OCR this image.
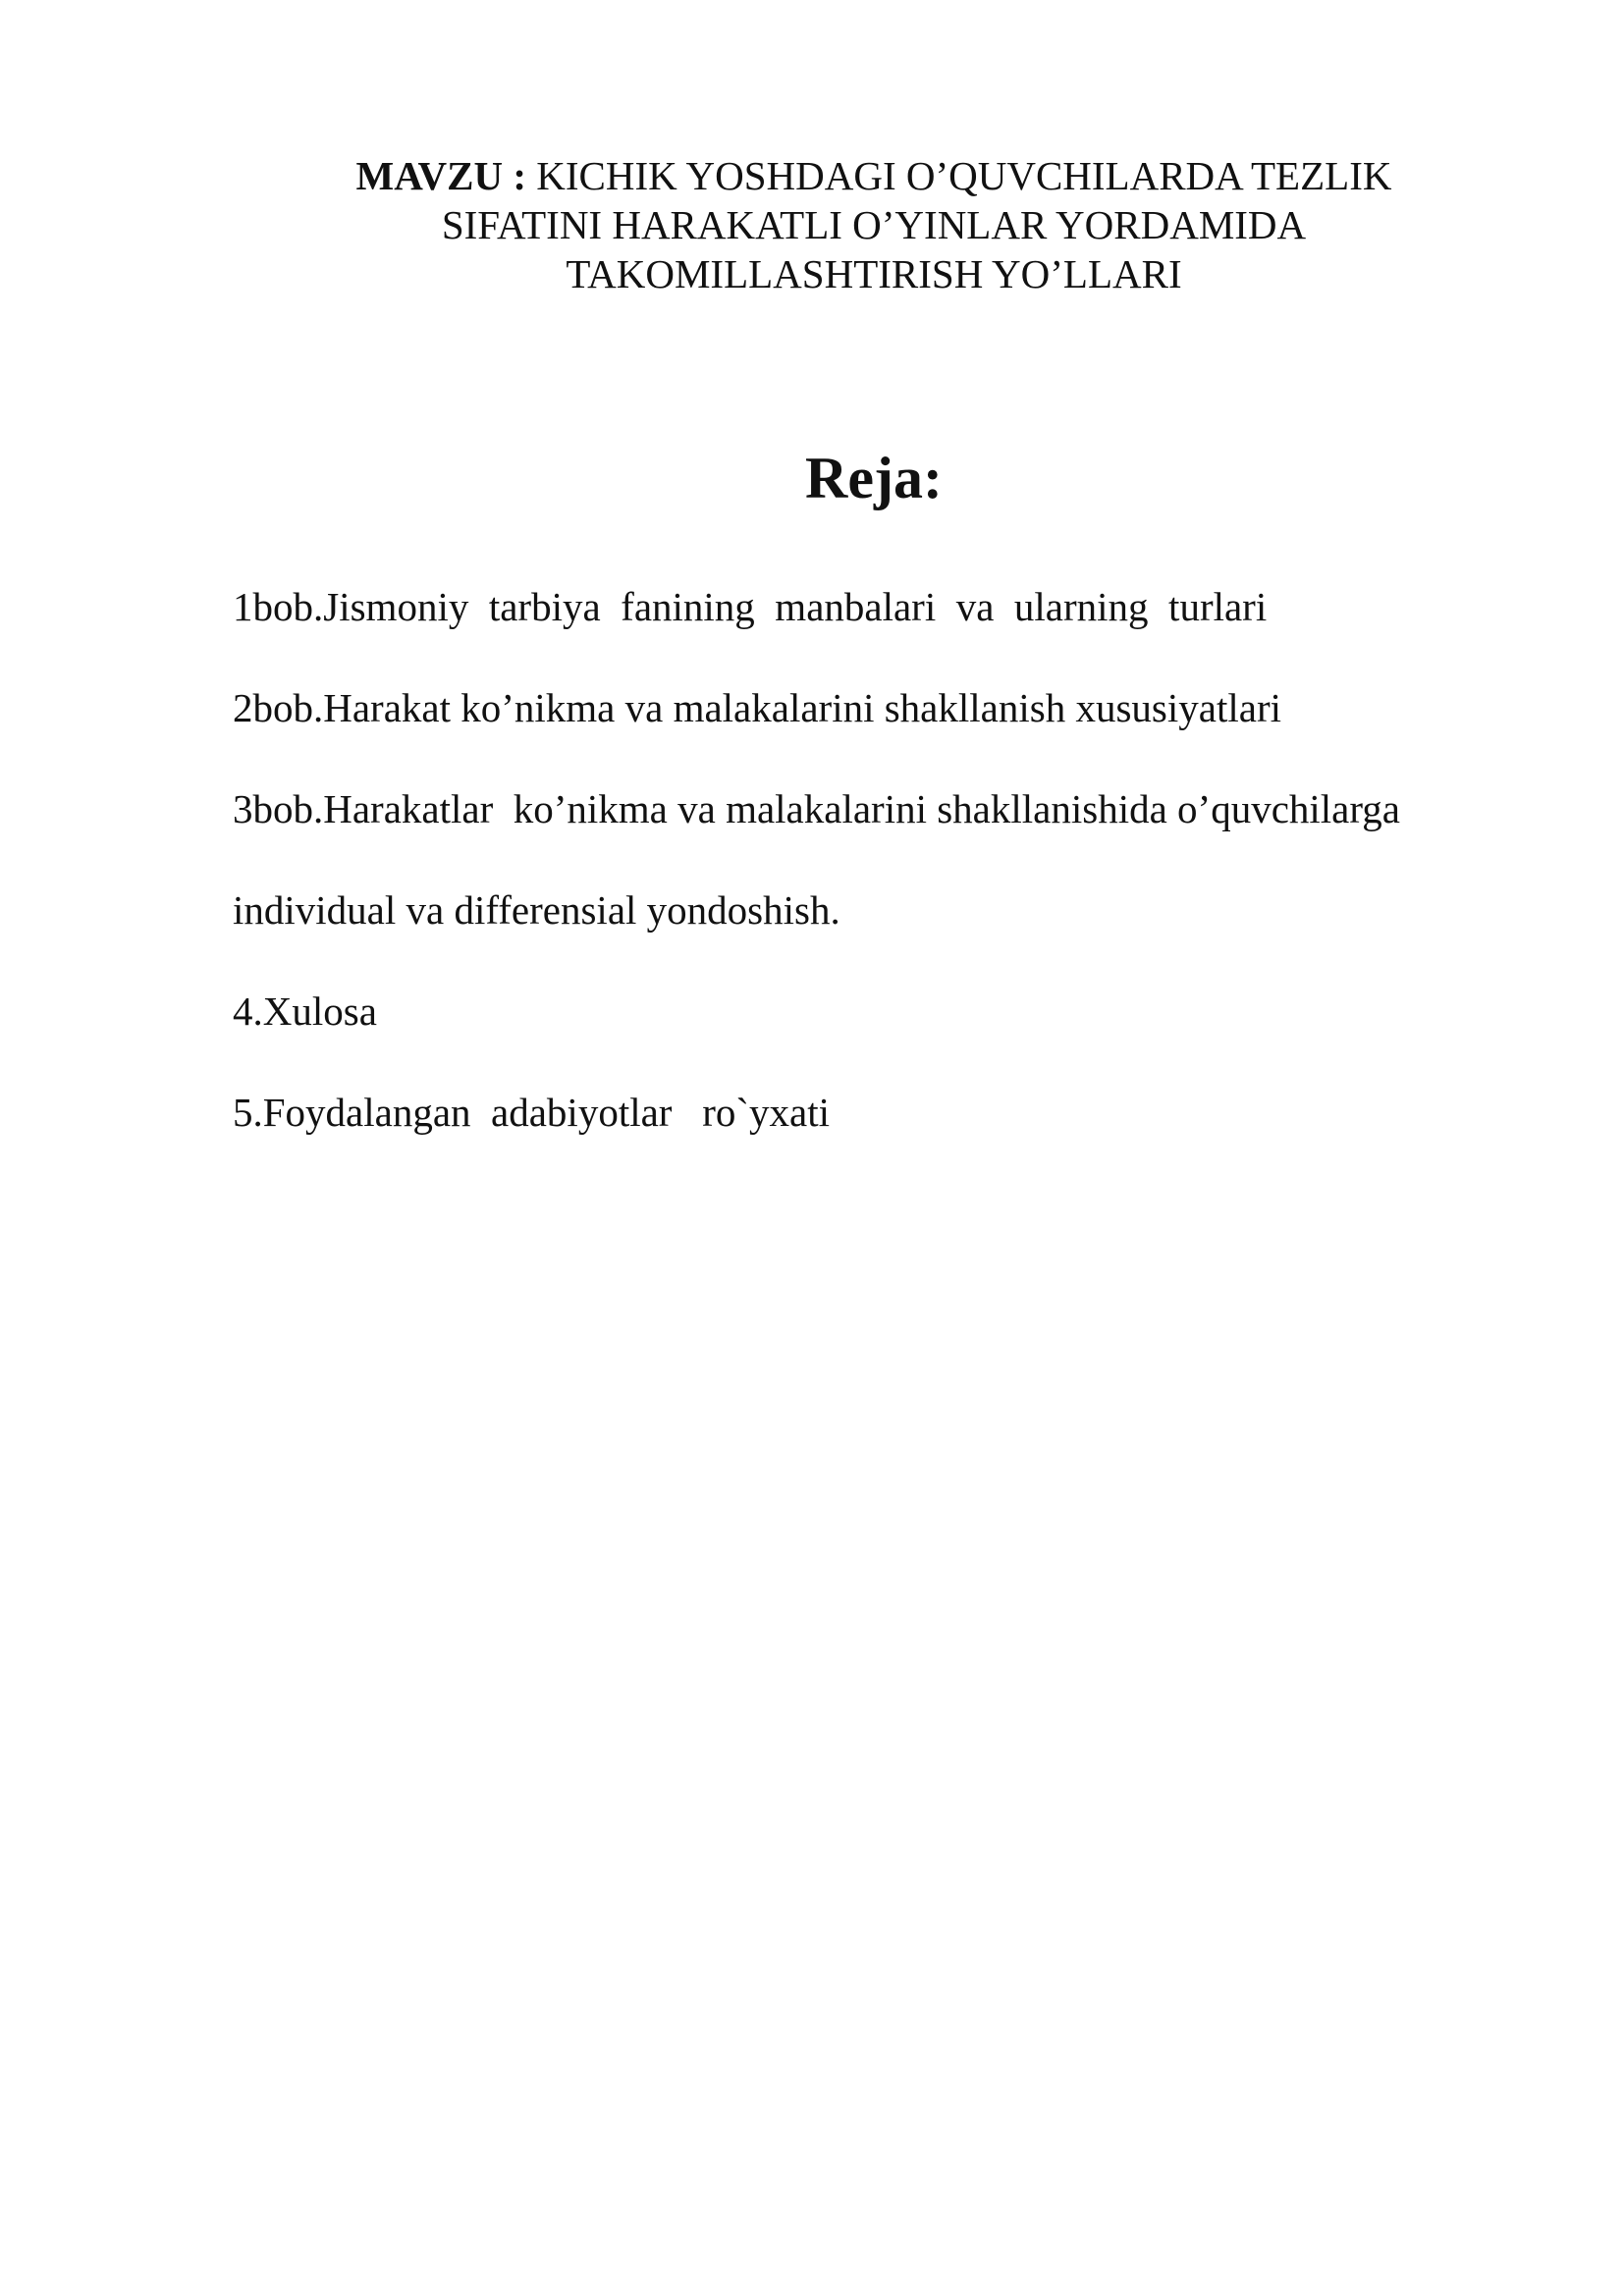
MAVZU : KICHIK YOSHDAGI O’QUVCHILARDA TEZLIK
SIFATINI HARAKATLI O’YINLAR YORDAMIDA
TAKOMILLASHTIRISH YO’LLARI
Reja:
1bob.Jismoniy  tarbiya  fanining  manbalari  va  ularning  turlari
2bob.Harakat ko’nikma va malakalarini shakllanish xususiyatlari
3bob.Harakatlar  ko’nikma va malakalarini shakllanishida o’quvchilarga
individual va differensial yondoshish.
4.Xulosa
5.Foydalangan  adabiyotlar   ro`yxati
